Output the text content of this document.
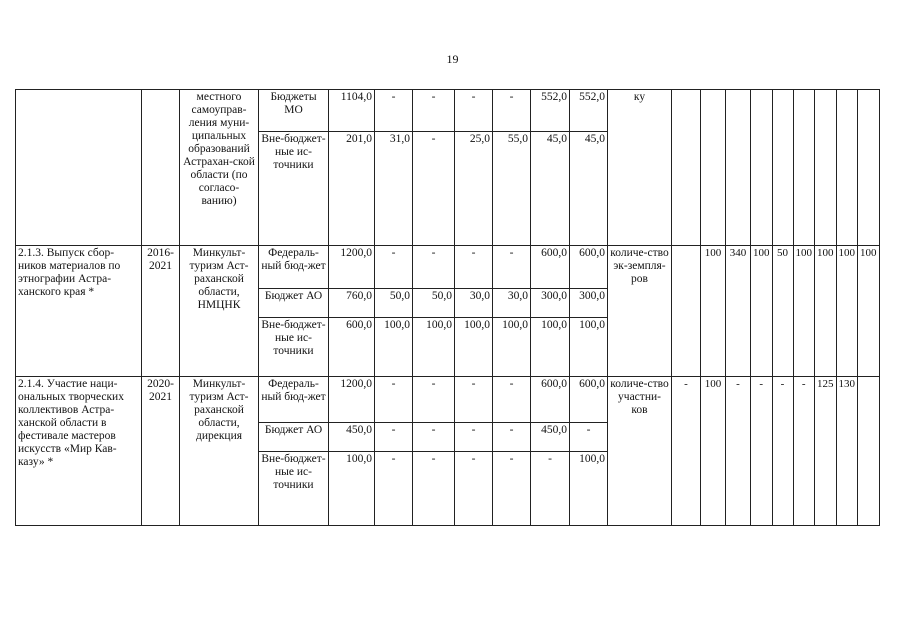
19
		местного самоуправ-ления муни-ципальных образований Астрахан-ской области (по согласо-ванию)	Бюджеты МО	1104,0	-	-	-	-	552,0	552,0	ку									
			Вне-бюджет-ные ис-точники	201,0	31,0	-	25,0	55,0	45,0	45,0										
2.1.3. Выпуск сбор-ников материалов по этнографии Астра-ханского края *	2016-2021	Минкульт-туризм Аст-раханской области, НМЦНК	Федераль-ный бюд-жет	1200,0	-	-	-	-	600,0	600,0	количе-ство эк-земпля-ров		100	340	100	50	100	100	100	100
			Бюджет АО	760,0	50,0	50,0	30,0	30,0	300,0	300,0										
			Вне-бюджет-ные ис-точники	600,0	100,0	100,0	100,0	100,0	100,0	100,0										
2.1.4. Участие наци-ональных творческих коллективов Астра-ханской области в фестивале мастеров искусств «Мир Кав-казу» *	2020-2021	Минкульт-туризм Аст-раханской области, дирекция	Федераль-ный бюд-жет	1200,0	-	-	-	-	600,0	600,0	количе-ство участни-ков	-	100	-	-	-	-	125	130	
			Бюджет АО	450,0	-	-	-	-	450,0	-										
			Вне-бюджет-ные ис-точники	100,0	-	-	-	-	-	100,0										
